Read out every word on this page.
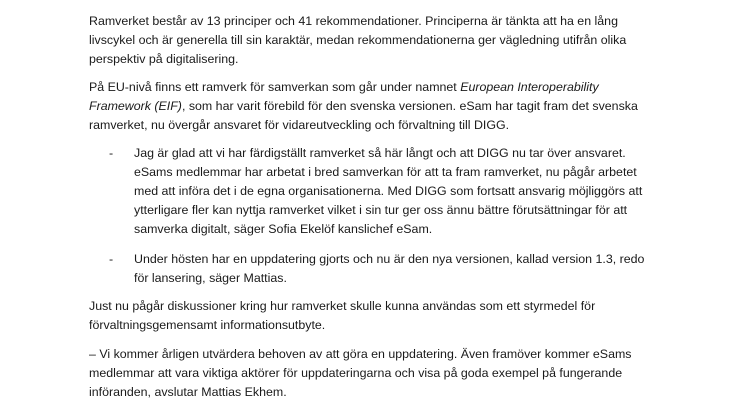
Ramverket består av 13 principer och 41 rekommendationer. Principerna är tänkta att ha en lång
livscykel och är generella till sin karaktär, medan rekommendationerna ger vägledning utifrån olika
perspektiv på digitalisering.

På EU-nivå finns ett ramverk för samverkan som går under namnet European Interoperability
Framework (EIF), som har varit förebild för den svenska versionen. eSam har tagit fram det svenska
ramverket, nu övergår ansvaret för vidareutveckling och förvaltning till DIGG.

- Jag är glad att vi har färdigställt ramverket så här långt och att DIGG nu tar över ansvaret.
eSams medlemmar har arbetat i bred samverkan för att ta fram ramverket, nu pågår arbetet
med att införa det i de egna organisationerna. Med DIGG som fortsatt ansvarig möjliggörs att
ytterligare fler kan nyttja ramverket vilket i sin tur ger oss ännu bättre förutsättningar för att
samverka digitalt, säger Sofia Ekelöf kanslichef eSam.
- Under hösten har en uppdatering gjorts och nu är den nya versionen, kallad version 1.3, redo
för lansering, säger Mattias.

Just nu pågår diskussioner kring hur ramverket skulle kunna användas som ett styrmedel för
förvaltningsgemensamt informationsutbyte.

– Vi kommer årligen utvärdera behoven av att göra en uppdatering. Även framöver kommer eSams
medlemmar att vara viktiga aktörer för uppdateringarna och visa på goda exempel på fungerande
införanden, avslutar Mattias Ekhem.
